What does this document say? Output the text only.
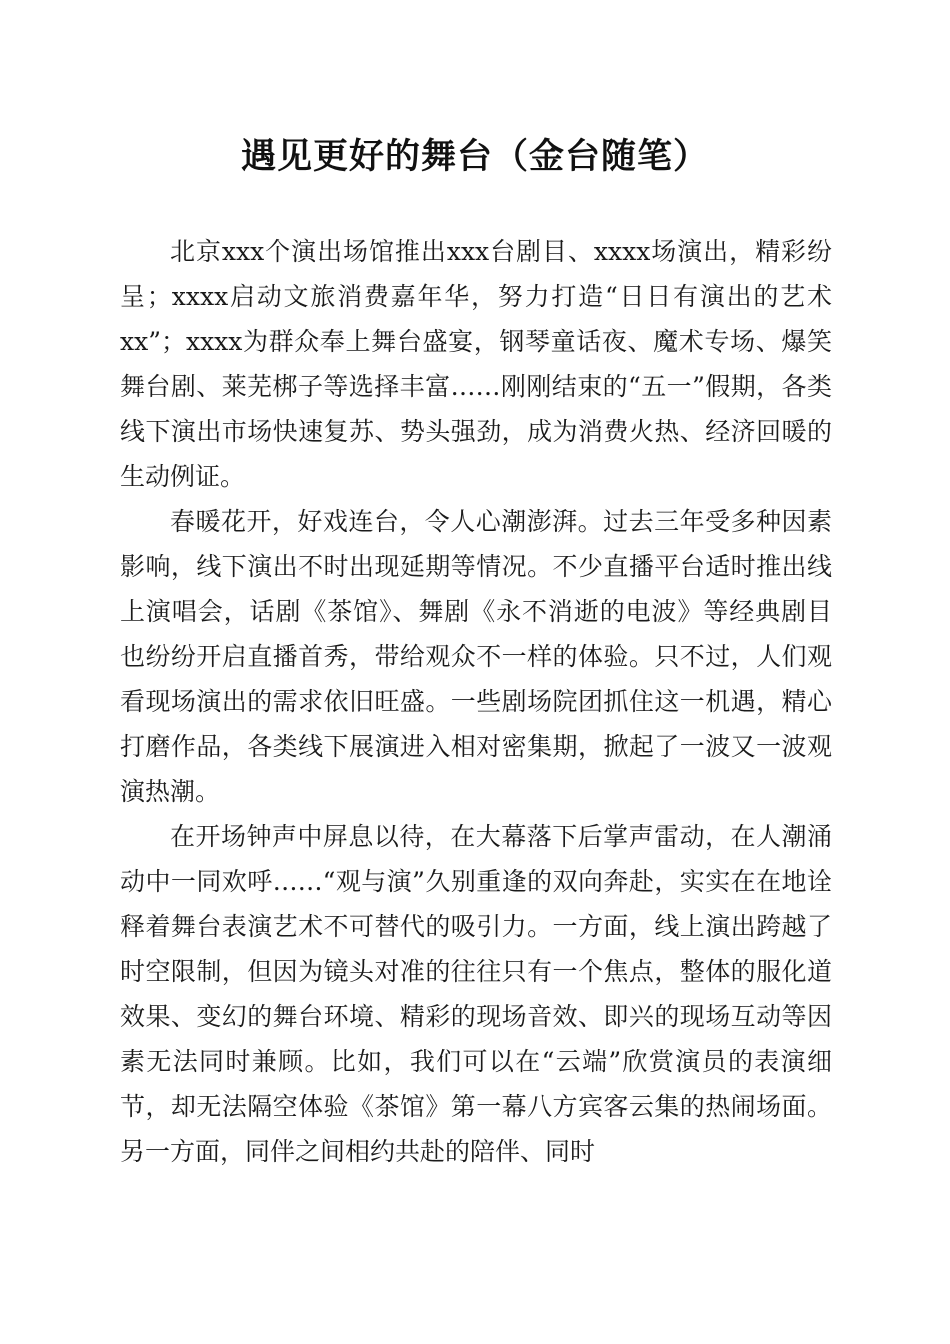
遇见更好的舞台（金台随笔）

北京xxx个演出场馆推出xxx台剧目、xxxx场演出，精彩纷呈；xxxx启动文旅消费嘉年华，努力打造“日日有演出的艺术xx”；xxxx为群众奉上舞台盛宴，钢琴童话夜、魔术专场、爆笑舞台剧、莱芜梆子等选择丰富……刚刚结束的“五一”假期，各类线下演出市场快速复苏、势头强劲，成为消费火热、经济回暖的生动例证。

春暖花开，好戏连台，令人心潮澎湃。过去三年受多种因素影响，线下演出不时出现延期等情况。不少直播平台适时推出线上演唱会，话剧《茶馆》、舞剧《永不消逝的电波》等经典剧目也纷纷开启直播首秀，带给观众不一样的体验。只不过，人们观看现场演出的需求依旧旺盛。一些剧场院团抓住这一机遇，精心打磨作品，各类线下展演进入相对密集期，掀起了一波又一波观演热潮。

在开场钟声中屏息以待，在大幕落下后掌声雷动，在人潮涌动中一同欢呼……“观与演”久别重逢的双向奔赴，实实在在地诠释着舞台表演艺术不可替代的吸引力。一方面，线上演出跨越了时空限制，但因为镜头对准的往往只有一个焦点，整体的服化道效果、变幻的舞台环境、精彩的现场音效、即兴的现场互动等因素无法同时兼顾。比如，我们可以在“云端”欣赏演员的表演细节，却无法隔空体验《茶馆》第一幕八方宾客云集的热闹场面。另一方面，同伴之间相约共赴的陪伴、同时
